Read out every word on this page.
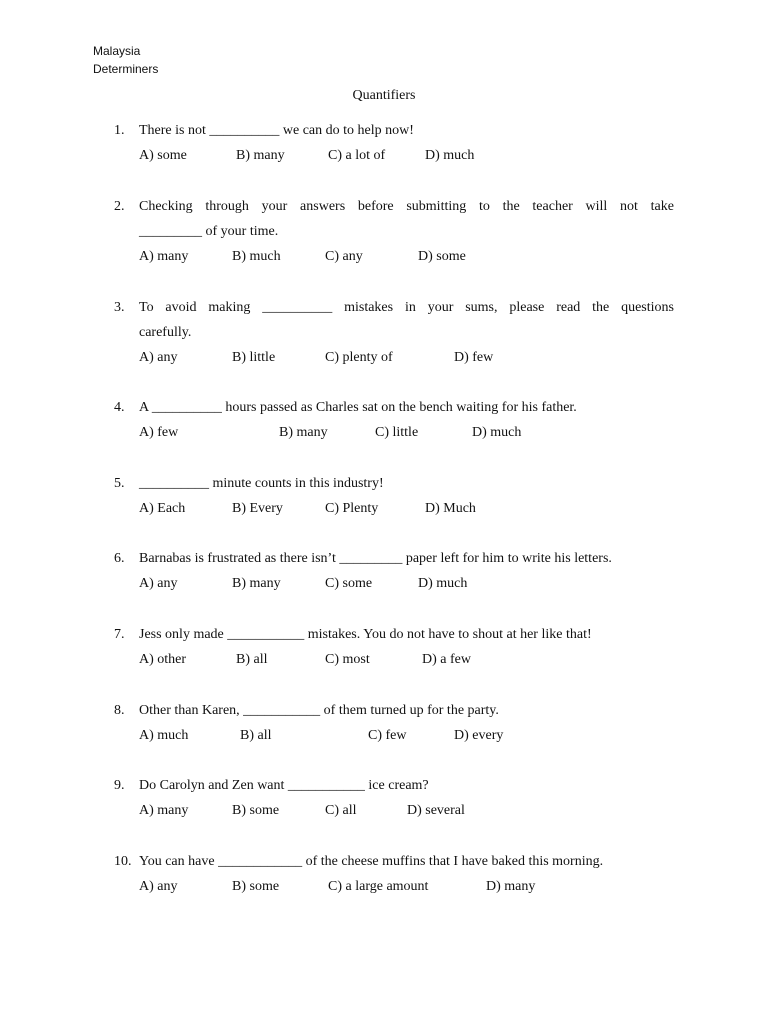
Malaysia
Determiners
Quantifiers
1. There is not __________ we can do to help now!
A) some	B) many	C) a lot of	D) much
2. Checking through your answers before submitting to the teacher will not take
_________ of your time.
A) many	B) much	C) any	D) some
3. To avoid making __________ mistakes in your sums, please read the questions
carefully.
A) any	B) little	C) plenty of	D) few
4. A __________ hours passed as Charles sat on the bench waiting for his father.
A) few	B) many	C) little	D) much
5. __________ minute counts in this industry!
A) Each	B) Every	C) Plenty	D) Much
6. Barnabas is frustrated as there isn’t _________ paper left for him to write his letters.
A) any	B) many	C) some	D) much
7. Jess only made ___________ mistakes. You do not have to shout at her like that!
A) other	B) all	C) most	D) a few
8. Other than Karen, ___________ of them turned up for the party.
A) much	B) all	C) few	D) every
9. Do Carolyn and Zen want ___________ ice cream?
A) many	B) some	C) all	D) several
10. You can have ____________ of the cheese muffins that I have baked this morning.
A) any	B) some	C) a large amount	D) many
